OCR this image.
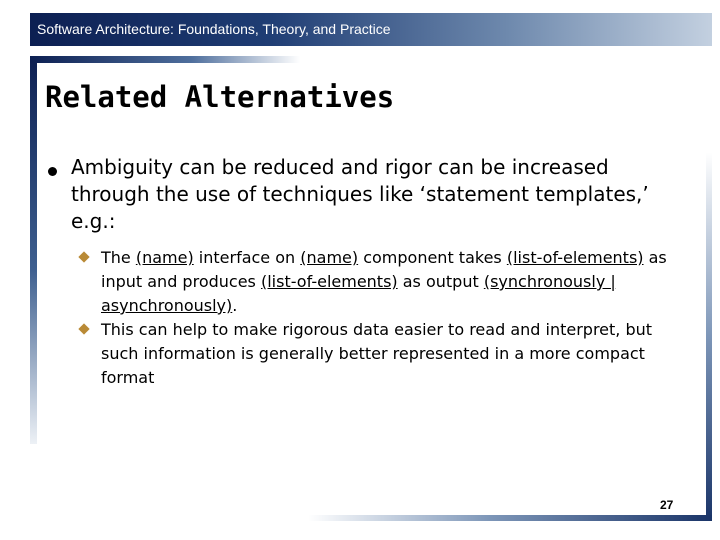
Software Architecture: Foundations, Theory, and Practice
Related Alternatives
Ambiguity can be reduced and rigor can be increased through the use of techniques like ‘statement templates,’ e.g.:
The (name) interface on (name) component takes (list-of-elements) as input and produces (list-of-elements) as output (synchronously | asynchronously).
This can help to make rigorous data easier to read and interpret, but such information is generally better represented in a more compact format
27
